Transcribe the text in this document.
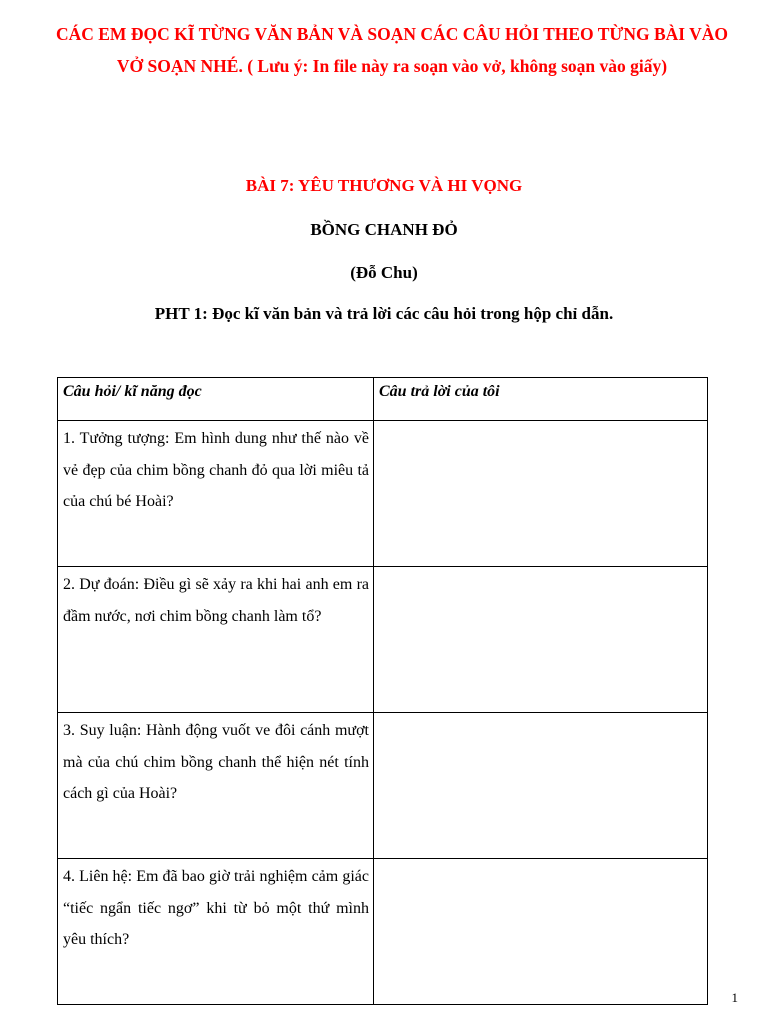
CÁC EM ĐỌC KĨ TỪNG VĂN BẢN VÀ SOẠN CÁC CÂU HỎI THEO TỪNG BÀI VÀO
VỞ SOẠN NHÉ. ( Lưu ý: In file này ra soạn vào vở, không soạn vào giấy)
BÀI 7: YÊU THƯƠNG VÀ HI VỌNG
BỒNG CHANH ĐỎ
(Đỗ Chu)
PHT 1: Đọc kĩ văn bản và trả lời các câu hỏi trong hộp chỉ dẫn.
Câu hỏi/ kĩ năng đọc	Câu trả lời của tôi
1. Tưởng tượng: Em hình dung như thế nào về vẻ đẹp của chim bồng chanh đỏ qua lời miêu tả của chú bé Hoài?	
2. Dự đoán: Điều gì sẽ xảy ra khi hai anh em ra đầm nước, nơi chim bồng chanh làm tổ?	
3. Suy luận: Hành động vuốt ve đôi cánh mượt mà của chú chim bồng chanh thể hiện nét tính cách gì của Hoài?	
4. Liên hệ: Em đã bao giờ trải nghiệm cảm giác “tiếc ngẩn tiếc ngơ” khi từ bỏ một thứ mình yêu thích?	
1
